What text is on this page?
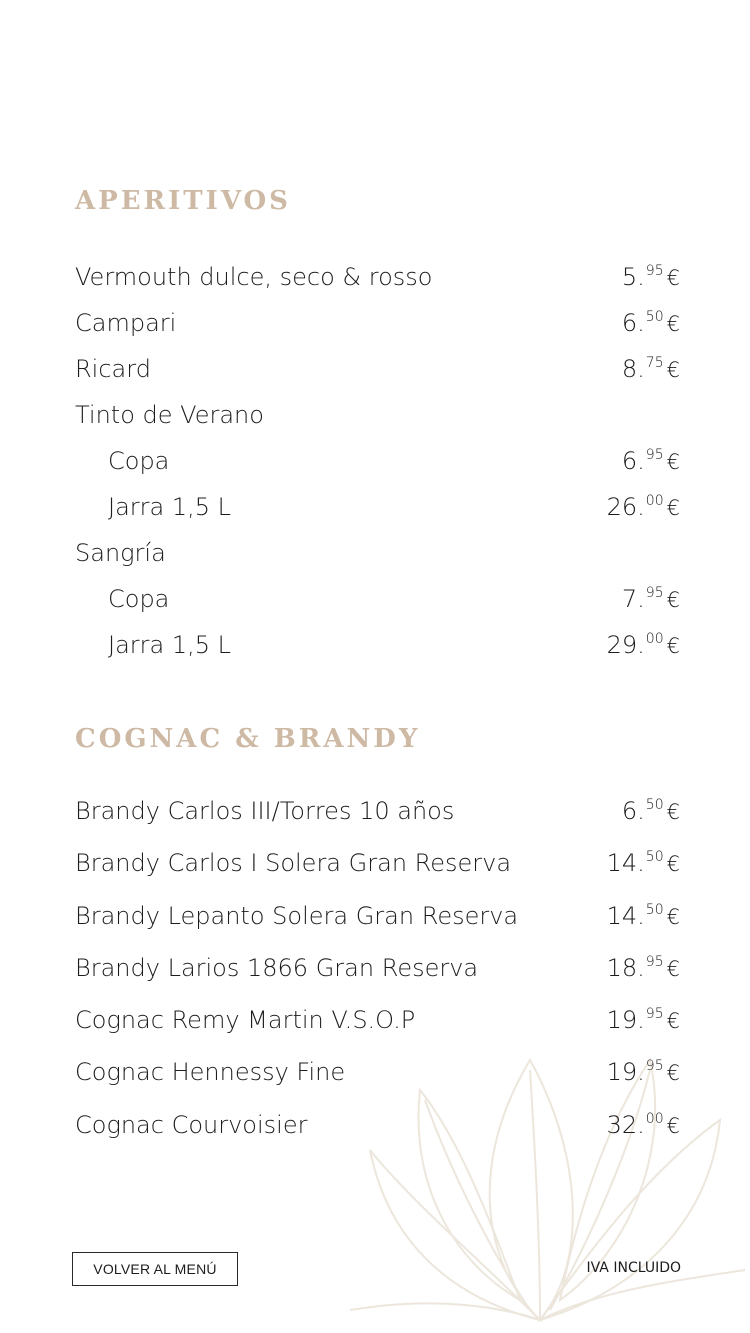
APERITIVOS
Vermouth dulce, seco & rosso	5.95 €
Campari	6.50 €
Ricard	8.75 €
Tinto de Verano
Copa	6.95 €
Jarra 1,5 L	26.00 €
Sangría
Copa	7.95 €
Jarra 1,5 L	29.00 €
COGNAC & BRANDY
Brandy Carlos III/Torres 10 años	6.50 €
Brandy Carlos I Solera Gran Reserva	14.50 €
Brandy Lepanto Solera Gran Reserva	14.50 €
Brandy Larios 1866 Gran Reserva	18.95 €
Cognac Remy Martin V.S.O.P	19.95 €
Cognac Hennessy Fine	19.95 €
Cognac Courvoisier	32.00 €
VOLVER AL MENÚ	IVA INCLUIDO
